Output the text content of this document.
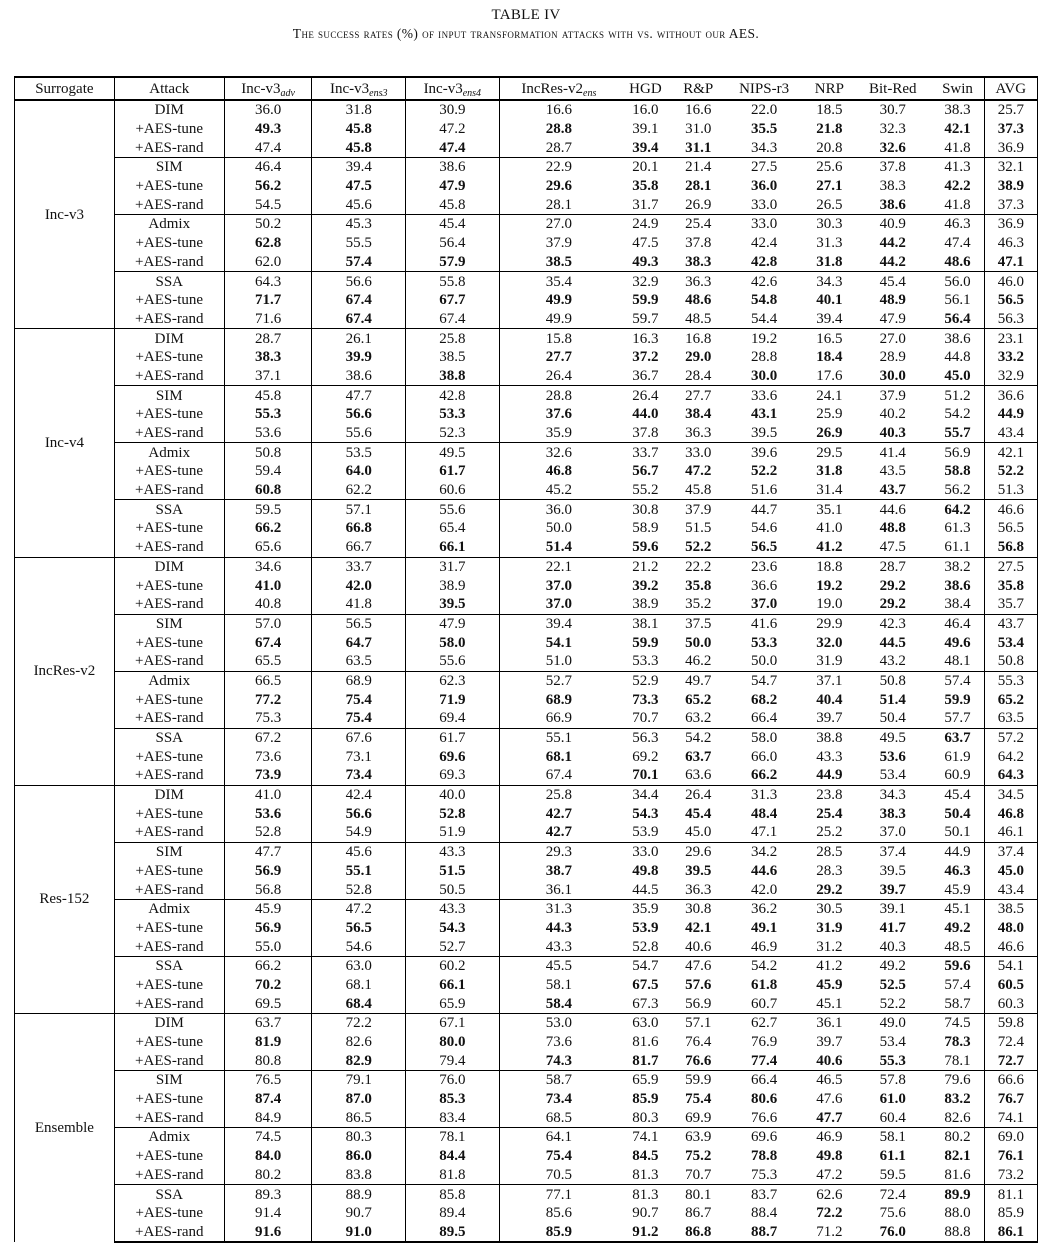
TABLE IV
The success rates (%) of input transformation attacks with vs. without our AES.
Surrogate	Attack	Inc-$v3_{adv}$	Inc-$v3_{ens3}$	Inc-$v3_{ens4}$	IncRes-$v2_{ens}$	HGD	R&P	NIPS-r3	NRP	Bit-Red	Swin	AVG
Inc-v3	DIM	36.0	31.8	30.9	16.6	16.0	16.6	22.0	18.5	30.7	38.3	25.7
	+AES-tune	49.3	45.8	47.2	28.8	39.1	31.0	35.5	21.8	32.3	42.1	37.3
	+AES-rand	47.4	45.8	47.4	28.7	39.4	31.1	34.3	20.8	32.6	41.8	36.9
	SIM	46.4	39.4	38.6	22.9	20.1	21.4	27.5	25.6	37.8	41.3	32.1
	+AES-tune	56.2	47.5	47.9	29.6	35.8	28.1	36.0	27.1	38.3	42.2	38.9
	+AES-rand	54.5	45.6	45.8	28.1	31.7	26.9	33.0	26.5	38.6	41.8	37.3
	Admix	50.2	45.3	45.4	27.0	24.9	25.4	33.0	30.3	40.9	46.3	36.9
	+AES-tune	62.8	55.5	56.4	37.9	47.5	37.8	42.4	31.3	44.2	47.4	46.3
	+AES-rand	62.0	57.4	57.9	38.5	49.3	38.3	42.8	31.8	44.2	48.6	47.1
	SSA	64.3	56.6	55.8	35.4	32.9	36.3	42.6	34.3	45.4	56.0	46.0
	+AES-tune	71.7	67.4	67.7	49.9	59.9	48.6	54.8	40.1	48.9	56.1	56.5
	+AES-rand	71.6	67.4	67.4	49.9	59.7	48.5	54.4	39.4	47.9	56.4	56.3
Inc-v4	DIM	28.7	26.1	25.8	15.8	16.3	16.8	19.2	16.5	27.0	38.6	23.1
	+AES-tune	38.3	39.9	38.5	27.7	37.2	29.0	28.8	18.4	28.9	44.8	33.2
	+AES-rand	37.1	38.6	38.8	26.4	36.7	28.4	30.0	17.6	30.0	45.0	32.9
	SIM	45.8	47.7	42.8	28.8	26.4	27.7	33.6	24.1	37.9	51.2	36.6
	+AES-tune	55.3	56.6	53.3	37.6	44.0	38.4	43.1	25.9	40.2	54.2	44.9
	+AES-rand	53.6	55.6	52.3	35.9	37.8	36.3	39.5	26.9	40.3	55.7	43.4
	Admix	50.8	53.5	49.5	32.6	33.7	33.0	39.6	29.5	41.4	56.9	42.1
	+AES-tune	59.4	64.0	61.7	46.8	56.7	47.2	52.2	31.8	43.5	58.8	52.2
	+AES-rand	60.8	62.2	60.6	45.2	55.2	45.8	51.6	31.4	43.7	56.2	51.3
	SSA	59.5	57.1	55.6	36.0	30.8	37.9	44.7	35.1	44.6	64.2	46.6
	+AES-tune	66.2	66.8	65.4	50.0	58.9	51.5	54.6	41.0	48.8	61.3	56.5
	+AES-rand	65.6	66.7	66.1	51.4	59.6	52.2	56.5	41.2	47.5	61.1	56.8
IncRes-v2	DIM	34.6	33.7	31.7	22.1	21.2	22.2	23.6	18.8	28.7	38.2	27.5
	+AES-tune	41.0	42.0	38.9	37.0	39.2	35.8	36.6	19.2	29.2	38.6	35.8
	+AES-rand	40.8	41.8	39.5	37.0	38.9	35.2	37.0	19.0	29.2	38.4	35.7
	SIM	57.0	56.5	47.9	39.4	38.1	37.5	41.6	29.9	42.3	46.4	43.7
	+AES-tune	67.4	64.7	58.0	54.1	59.9	50.0	53.3	32.0	44.5	49.6	53.4
	+AES-rand	65.5	63.5	55.6	51.0	53.3	46.2	50.0	31.9	43.2	48.1	50.8
	Admix	66.5	68.9	62.3	52.7	52.9	49.7	54.7	37.1	50.8	57.4	55.3
	+AES-tune	77.2	75.4	71.9	68.9	73.3	65.2	68.2	40.4	51.4	59.9	65.2
	+AES-rand	75.3	75.4	69.4	66.9	70.7	63.2	66.4	39.7	50.4	57.7	63.5
	SSA	67.2	67.6	61.7	55.1	56.3	54.2	58.0	38.8	49.5	63.7	57.2
	+AES-tune	73.6	73.1	69.6	68.1	69.2	63.7	66.0	43.3	53.6	61.9	64.2
	+AES-rand	73.9	73.4	69.3	67.4	70.1	63.6	66.2	44.9	53.4	60.9	64.3
Res-152	DIM	41.0	42.4	40.0	25.8	34.4	26.4	31.3	23.8	34.3	45.4	34.5
	+AES-tune	53.6	56.6	52.8	42.7	54.3	45.4	48.4	25.4	38.3	50.4	46.8
	+AES-rand	52.8	54.9	51.9	42.7	53.9	45.0	47.1	25.2	37.0	50.1	46.1
	SIM	47.7	45.6	43.3	29.3	33.0	29.6	34.2	28.5	37.4	44.9	37.4
	+AES-tune	56.9	55.1	51.5	38.7	49.8	39.5	44.6	28.3	39.5	46.3	45.0
	+AES-rand	56.8	52.8	50.5	36.1	44.5	36.3	42.0	29.2	39.7	45.9	43.4
	Admix	45.9	47.2	43.3	31.3	35.9	30.8	36.2	30.5	39.1	45.1	38.5
	+AES-tune	56.9	56.5	54.3	44.3	53.9	42.1	49.1	31.9	41.7	49.2	48.0
	+AES-rand	55.0	54.6	52.7	43.3	52.8	40.6	46.9	31.2	40.3	48.5	46.6
	SSA	66.2	63.0	60.2	45.5	54.7	47.6	54.2	41.2	49.2	59.6	54.1
	+AES-tune	70.2	68.1	66.1	58.1	67.5	57.6	61.8	45.9	52.5	57.4	60.5
	+AES-rand	69.5	68.4	65.9	58.4	67.3	56.9	60.7	45.1	52.2	58.7	60.3
Ensemble	DIM	63.7	72.2	67.1	53.0	63.0	57.1	62.7	36.1	49.0	74.5	59.8
	+AES-tune	81.9	82.6	80.0	73.6	81.6	76.4	76.9	39.7	53.4	78.3	72.4
	+AES-rand	80.8	82.9	79.4	74.3	81.7	76.6	77.4	40.6	55.3	78.1	72.7
	SIM	76.5	79.1	76.0	58.7	65.9	59.9	66.4	46.5	57.8	79.6	66.6
	+AES-tune	87.4	87.0	85.3	73.4	85.9	75.4	80.6	47.6	61.0	83.2	76.7
	+AES-rand	84.9	86.5	83.4	68.5	80.3	69.9	76.6	47.7	60.4	82.6	74.1
	Admix	74.5	80.3	78.1	64.1	74.1	63.9	69.6	46.9	58.1	80.2	69.0
	+AES-tune	84.0	86.0	84.4	75.4	84.5	75.2	78.8	49.8	61.1	82.1	76.1
	+AES-rand	80.2	83.8	81.8	70.5	81.3	70.7	75.3	47.2	59.5	81.6	73.2
	SSA	89.3	88.9	85.8	77.1	81.3	80.1	83.7	62.6	72.4	89.9	81.1
	+AES-tune	91.4	90.7	89.4	85.6	90.7	86.7	88.4	72.2	75.6	88.0	85.9
	+AES-rand	91.6	91.0	89.5	85.9	91.2	86.8	88.7	71.2	76.0	88.8	86.1
